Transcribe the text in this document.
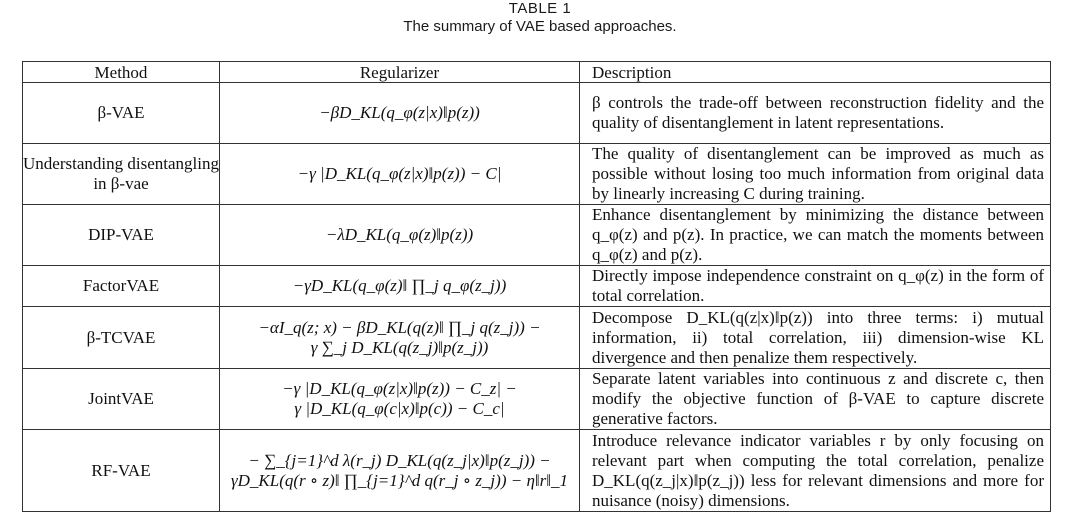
TABLE 1
The summary of VAE based approaches.
Method	Regularizer	Description
β-VAE	−βD_KL(q_φ(z|x)‖p(z))	β controls the trade-off between reconstruction fidelity and the quality of disentanglement in latent representations.
Understanding disentangling in β-vae	−γ |D_KL(q_φ(z|x)‖p(z)) − C|	The quality of disentanglement can be improved as much as possible without losing too much information from original data by linearly increasing C during training.
DIP-VAE	−λD_KL(q_φ(z)‖p(z))	Enhance disentanglement by minimizing the distance between q_φ(z) and p(z). In practice, we can match the moments between q_φ(z) and p(z).
FactorVAE	−γD_KL(q_φ(z)‖ ∏_j q_φ(z_j))	Directly impose independence constraint on q_φ(z) in the form of total correlation.
β-TCVAE	−αI_q(z; x) − βD_KL(q(z)‖ ∏_j q(z_j)) −
γ ∑_j D_KL(q(z_j)‖p(z_j))	Decompose D_KL(q(z|x)‖p(z)) into three terms: i) mutual information, ii) total correlation, iii) dimension-wise KL divergence and then penalize them respectively.
JointVAE	−γ |D_KL(q_φ(z|x)‖p(z)) − C_z| −
γ |D_KL(q_φ(c|x)‖p(c)) − C_c|	Separate latent variables into continuous z and discrete c, then modify the objective function of β-VAE to capture discrete generative factors.
RF-VAE	− ∑_{j=1}^d λ(r_j) D_KL(q(z_j|x)‖p(z_j)) −
γD_KL(q(r ∘ z)‖ ∏_{j=1}^d q(r_j ∘ z_j)) − η‖r‖_1	Introduce relevance indicator variables r by only focusing on relevant part when computing the total correlation, penalize D_KL(q(z_j|x)‖p(z_j)) less for relevant dimensions and more for nuisance (noisy) dimensions.
